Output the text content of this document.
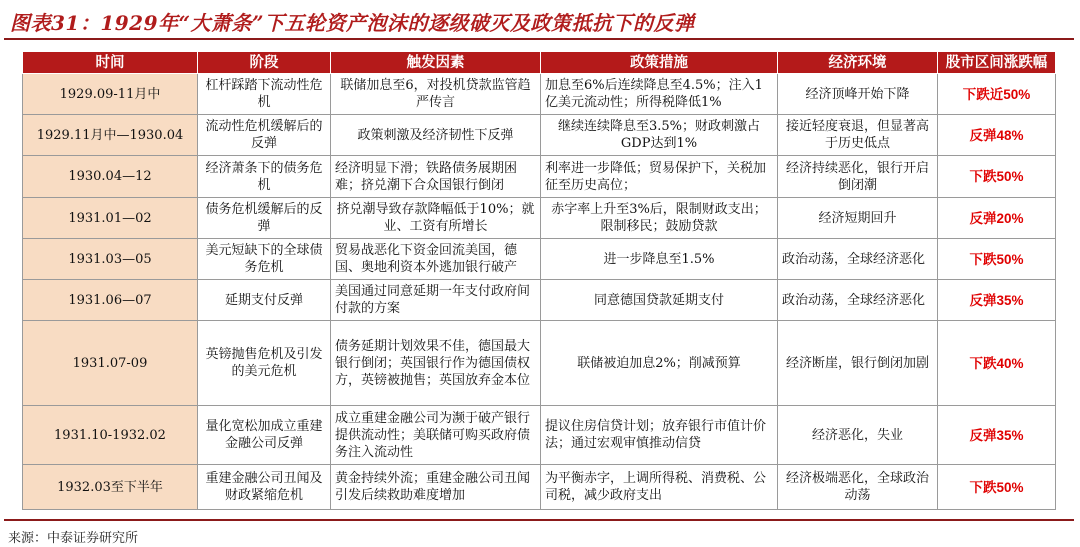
图表31：1929年“大萧条”下五轮资产泡沫的逐级破灭及政策抵抗下的反弹
时间	阶段	触发因素	政策措施	经济环境	股市区间涨跌幅
1929.09-11月中	杠杆踩踏下流动性危机	联储加息至6，对投机贷款监管趋严传言	加息至6%后连续降息至4.5%；注入1亿美元流动性；所得税降低1%	经济顶峰开始下降	下跌近50%
1929.11月中—1930.04	流动性危机缓解后的反弹	政策刺激及经济韧性下反弹	继续连续降息至3.5%；财政刺激占GDP达到1%	接近轻度衰退，但显著高于历史低点	反弹48%
1930.04—12	经济萧条下的债务危机	经济明显下滑；铁路债务展期困难；挤兑潮下合众国银行倒闭	利率进一步降低；贸易保护下，关税加征至历史高位；	经济持续恶化，银行开启倒闭潮	下跌50%
1931.01—02	债务危机缓解后的反弹	挤兑潮导致存款降幅低于10%；就业、工资有所增长	赤字率上升至3%后，限制财政支出；限制移民；鼓励贷款	经济短期回升	反弹20%
1931.03—05	美元短缺下的全球债务危机	贸易战恶化下资金回流美国，德国、奥地利资本外逃加银行破产	进一步降息至1.5%	政治动荡，全球经济恶化	下跌50%
1931.06—07	延期支付反弹	美国通过同意延期一年支付政府间付款的方案	同意德国贷款延期支付	政治动荡，全球经济恶化	反弹35%
1931.07-09	英镑抛售危机及引发的美元危机	债务延期计划效果不佳，德国最大银行倒闭；英国银行作为德国债权方，英镑被抛售；英国放弃金本位	联储被迫加息2%；削减预算	经济断崖，银行倒闭加剧	下跌40%
1931.10-1932.02	量化宽松加成立重建金融公司反弹	成立重建金融公司为濒于破产银行提供流动性；美联储可购买政府债务注入流动性	提议住房信贷计划；放弃银行市值计价法；通过宏观审慎推动信贷	经济恶化，失业	反弹35%
1932.03至下半年	重建金融公司丑闻及财政紧缩危机	黄金持续外流；重建金融公司丑闻引发后续救助难度增加	为平衡赤字，上调所得税、消费税、公司税，减少政府支出	经济极端恶化，全球政治动荡	下跌50%
来源：中泰证券研究所
